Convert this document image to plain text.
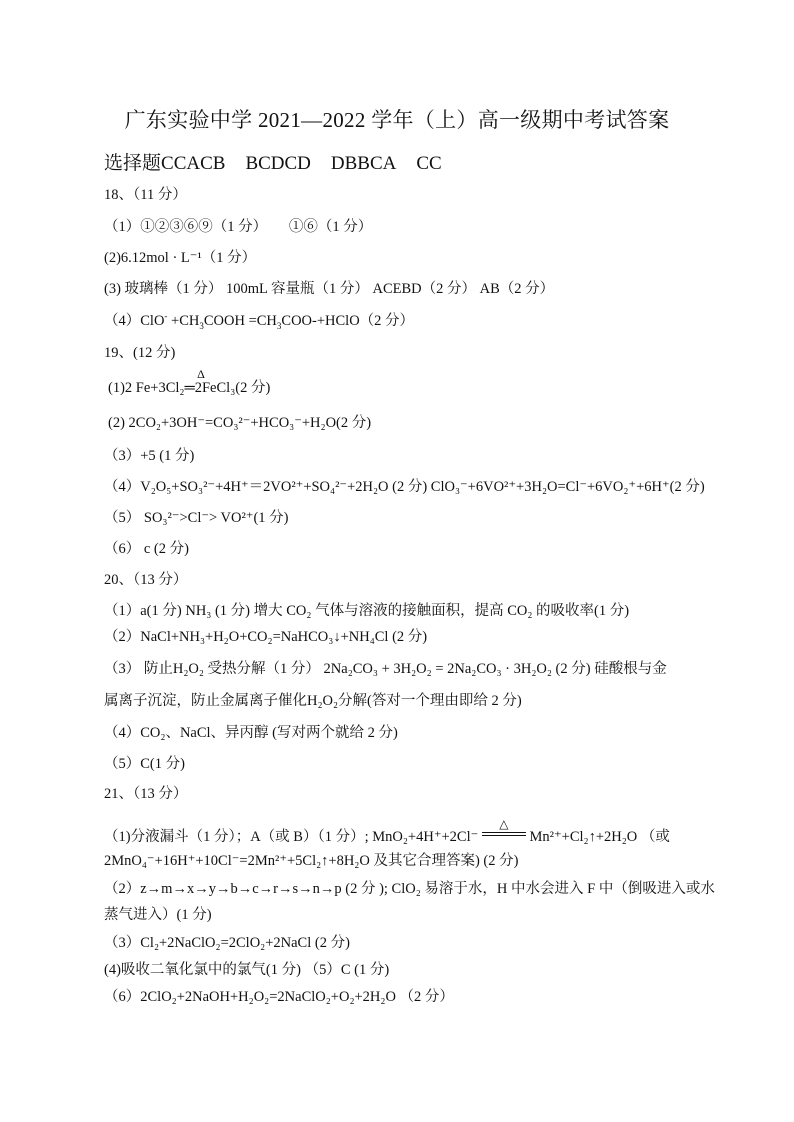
广东实验中学 2021—2022 学年（上）高一级期中考试答案
选择题CCACB BCDCD DBBCA CC
18、（11 分）
（1）①②③⑥⑨（1 分）　　①⑥（1 分）
(2)6.12mol · L⁻¹（1 分）
(3) 玻璃棒（1 分） 100mL 容量瓶（1 分） ACEBD（2 分） AB（2 分）
$(4)ClO^- +CH_3COOH$ $=CH_3COO-+HClO(2$ 分）
19、(12 分)
Δ
(1)2 Fe+3Cl₂═2FeCl₃(2 分)
(2) 2CO₂+3OH⁻=CO₃²⁻+HCO₃⁻+H₂O(2 分)
（3）+5 (1 分)
（4）V₂O₅+SO₃²⁻+4H⁺＝2VO²⁺+SO₄²⁻+2H₂O (2 分) ClO₃⁻+6VO²⁺+3H₂O=Cl⁻+6VO₂⁺+6H⁺(2 分)
（5） SO₃²⁻>Cl⁻> VO²⁺(1 分)
（6） c (2 分)
20、（13 分）
（1）a(1 分) NH₃ (1 分) 增大 CO₂ 气体与溶液的接触面积，提高 CO₂ 的吸收率(1 分)
（2）NaCl+NH₃+H₂O+CO₂=NaHCO₃↓+NH₄Cl (2 分)
（3） 防止H₂O₂ 受热分解（1 分） 2Na₂CO₃ + 3H₂O₂ = 2Na₂CO₃ · 3H₂O₂ (2 分) 硅酸根与金
属离子沉淀，防止金属离子催化H₂O₂分解(答对一个理由即给 2 分)
（4）CO₂、NaCl、异丙醇 (写对两个就给 2 分)
（5）C(1 分)
21、（13 分）
（1)分液漏斗（1 分）；A（或 B）（1 分）; MnO₂+4H⁺+2Cl⁻
△
Mn²⁺+Cl₂↑+2H₂O （或
2MnO₄⁻+16H⁺+10Cl⁻=2Mn²⁺+5Cl₂↑+8H₂O 及其它合理答案) (2 分)
（2）z→m→x→y→b→c→r→s→n→p (2 分 ); ClO₂ 易溶于水，H 中水会进入 F 中（倒吸进入或水
蒸气进入）(1 分)
（3）Cl₂+2NaClO₂=2ClO₂+2NaCl (2 分)
(4)吸收二氧化氯中的氯气(1 分) （5）C (1 分)
（6）2ClO₂+2NaOH+H₂O₂=2NaClO₂+O₂+2H₂O （2 分）
